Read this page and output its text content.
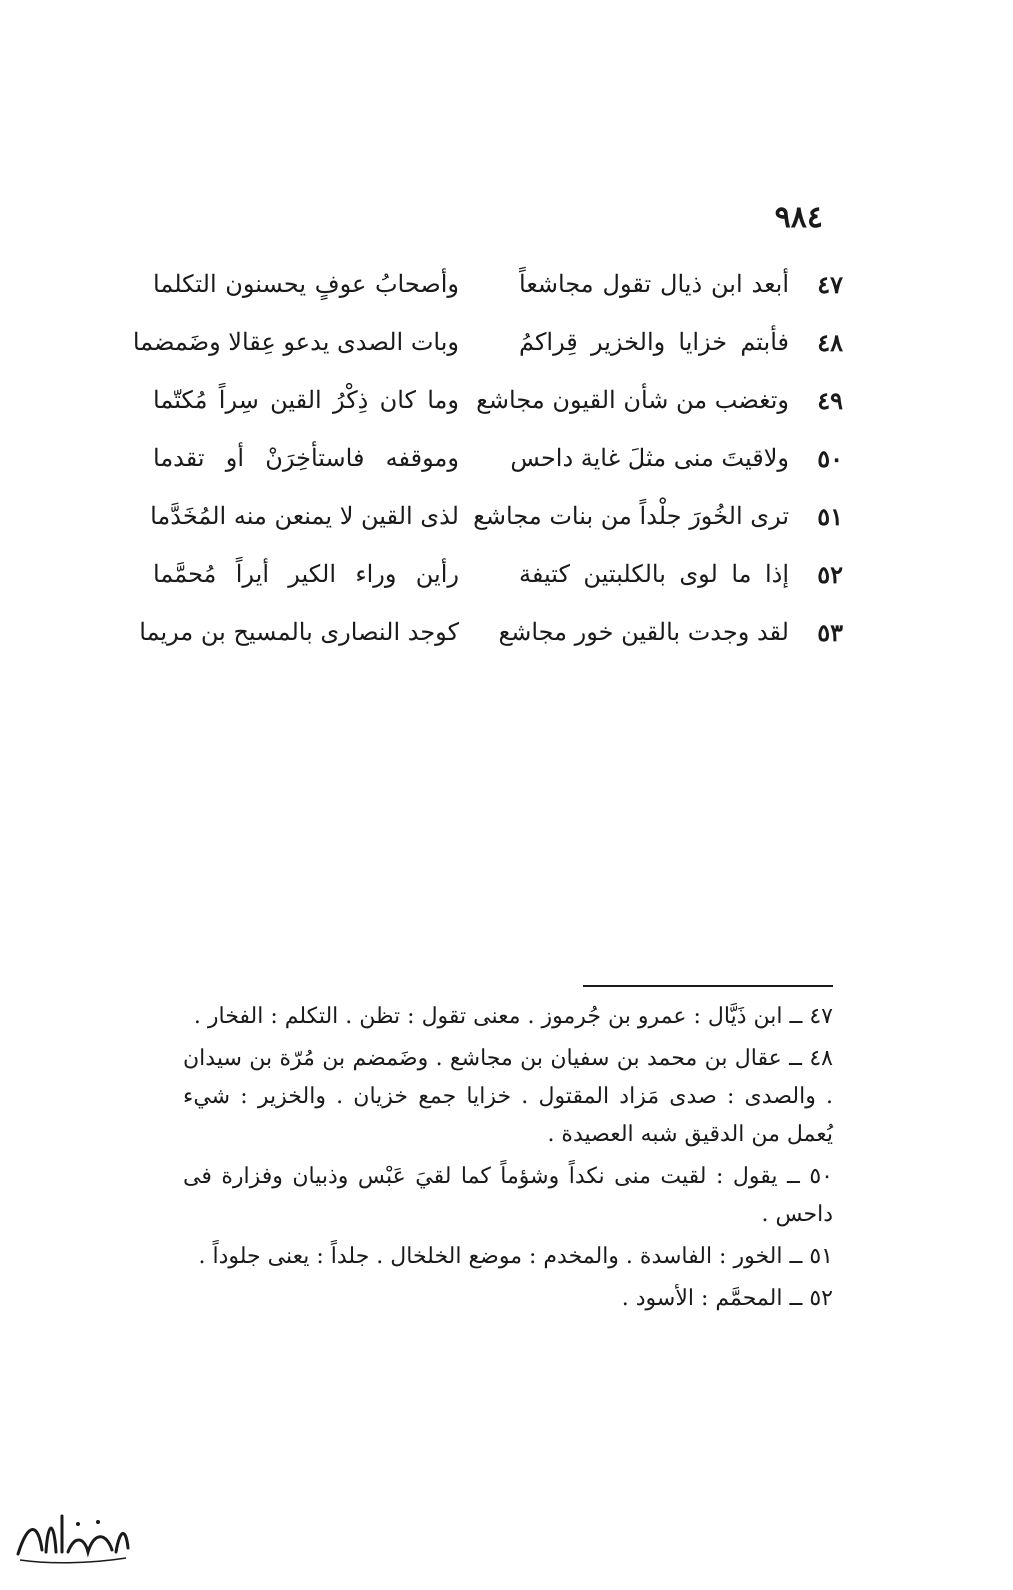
٩٨٤
٤٧
أبعد ابن ذيال تقول مجاشعاً
وأصحابُ عوفٍ يحسنون التكلما
٤٨
فأبتم خزايا والخزير قِراكمُ
وبات الصدى يدعو عِقالا وضَمضما
٤٩
وتغضب من شأن القيون مجاشع
وما كان ذِكْرُ القين سِراً مُكتّما
٥٠
ولاقيتَ منى مثلَ غاية داحس
وموقفه فاستأخِرَنْ أو تقدما
٥١
ترى الخُورَ جلْداً من بنات مجاشع
لذى القين لا يمنعن منه المُخَدَّما
٥٢
إذا ما لوى بالكلبتين كتيفة
رأين وراء الكير أيراً مُحمَّما
٥٣
لقد وجدت بالقين خور مجاشع
كوجد النصارى بالمسيح بن مريما

٤٧ ــ ابن ذَيَّال : عمرو بن جُرموز . معنى تقول : تظن . التكلم : الفخار .

٤٨ ــ عقال بن محمد بن سفيان بن مجاشع . وضَمضم بن مُرّة بن سيدان . والصدى : صدى مَزاد المقتول . خزايا جمع خزيان . والخزير : شيء يُعمل من الدقيق شبه العصيدة .

٥٠ ــ يقول : لقيت منى نكداً وشؤماً كما لقيَ عَبْس وذبيان وفزارة فى داحس .

٥١ ــ الخور : الفاسدة . والمخدم : موضع الخلخال . جلداً : يعنى جلوداً .

٥٢ ــ المحمَّم : الأسود .
